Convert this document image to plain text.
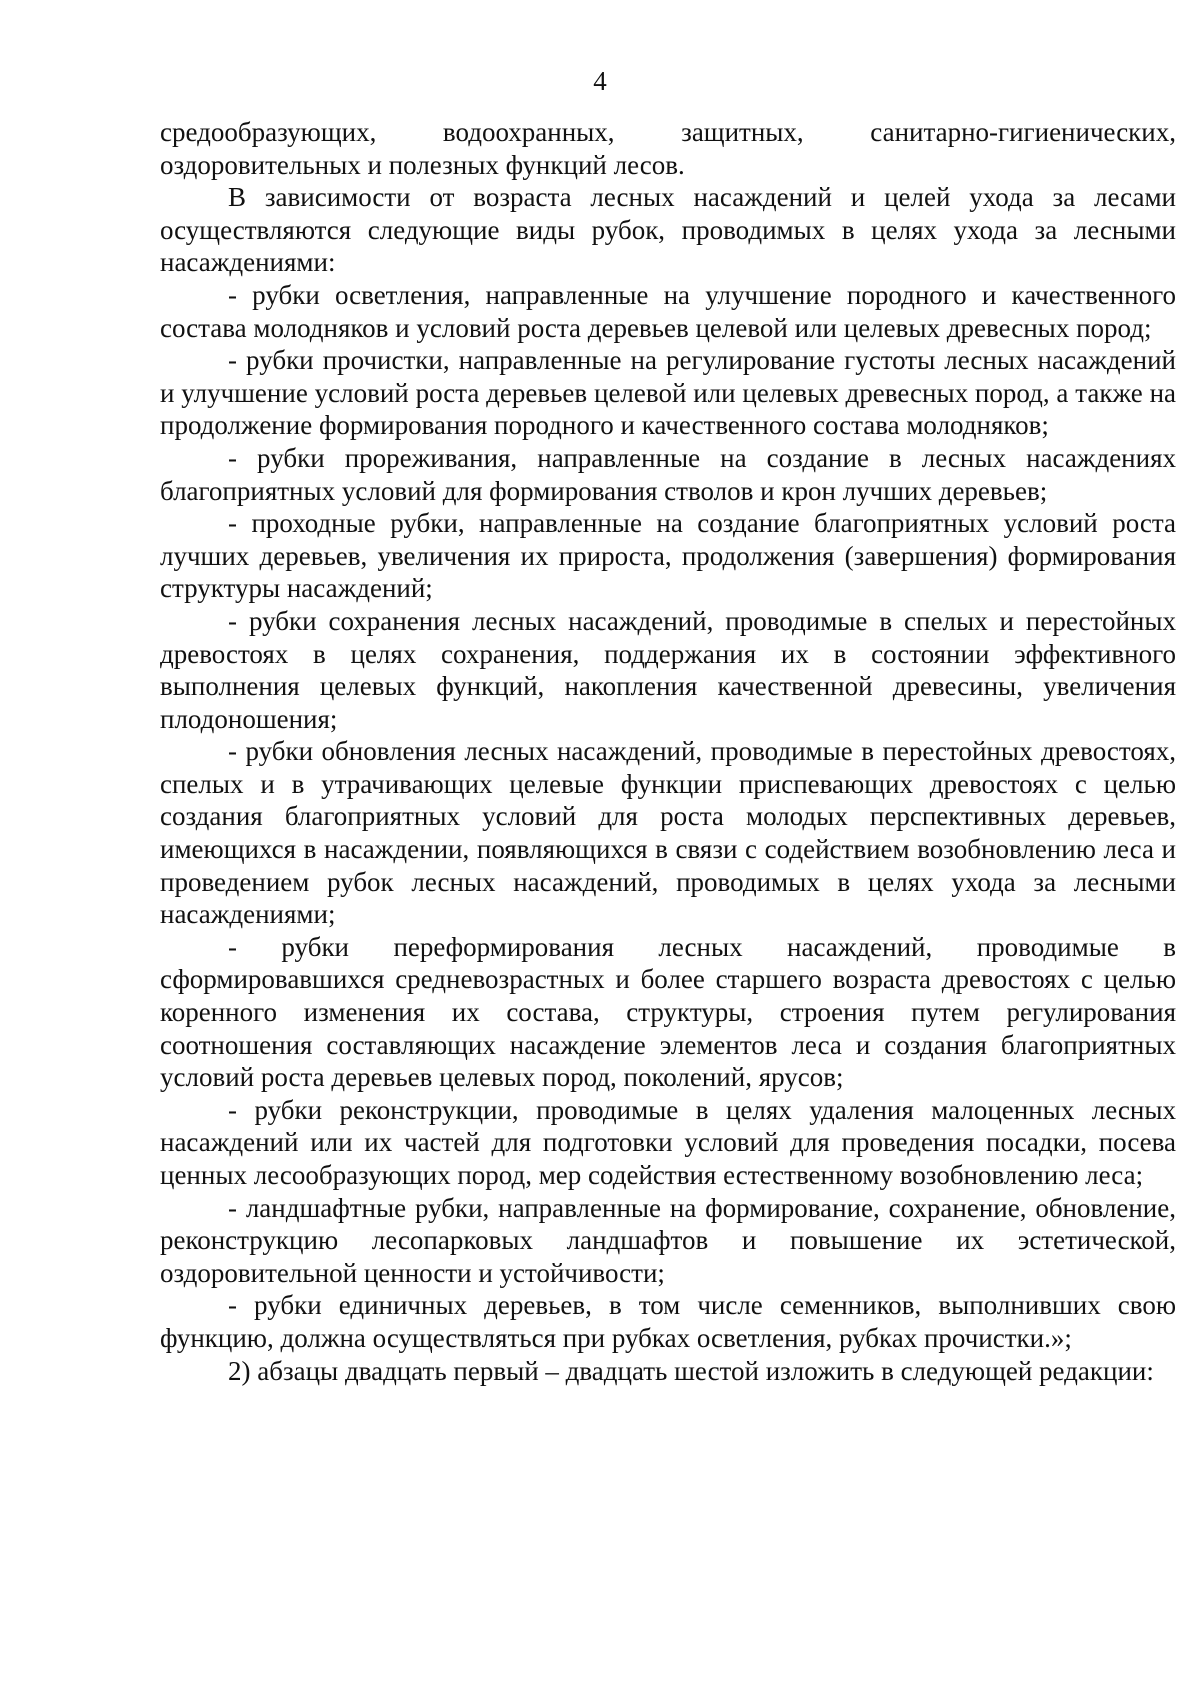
4

средообразующих, водоохранных, защитных, санитарно-гигиенических, оздоровительных и полезных функций лесов.

В зависимости от возраста лесных насаждений и целей ухода за лесами осуществляются следующие виды рубок, проводимых в целях ухода за лесными насаждениями:

- рубки осветления, направленные на улучшение породного и качественного состава молодняков и условий роста деревьев целевой или целевых древесных пород;

- рубки прочистки, направленные на регулирование густоты лесных насаждений и улучшение условий роста деревьев целевой или целевых древесных пород, а также на продолжение формирования породного и качественного состава молодняков;

- рубки прореживания, направленные на создание в лесных насаждениях благоприятных условий для формирования стволов и крон лучших деревьев;

- проходные рубки, направленные на создание благоприятных условий роста лучших деревьев, увеличения их прироста, продолжения (завершения) формирования структуры насаждений;

- рубки сохранения лесных насаждений, проводимые в спелых и перестойных древостоях в целях сохранения, поддержания их в состоянии эффективного выполнения целевых функций, накопления качественной древесины, увеличения плодоношения;

- рубки обновления лесных насаждений, проводимые в перестойных древостоях, спелых и в утрачивающих целевые функции приспевающих древостоях с целью создания благоприятных условий для роста молодых перспективных деревьев, имеющихся в насаждении, появляющихся в связи с содействием возобновлению леса и проведением рубок лесных насаждений, проводимых в целях ухода за лесными насаждениями;

- рубки переформирования лесных насаждений, проводимые в сформировавшихся средневозрастных и более старшего возраста древостоях с целью коренного изменения их состава, структуры, строения путем регулирования соотношения составляющих насаждение элементов леса и создания благоприятных условий роста деревьев целевых пород, поколений, ярусов;

- рубки реконструкции, проводимые в целях удаления малоценных лесных насаждений или их частей для подготовки условий для проведения посадки, посева ценных лесообразующих пород, мер содействия естественному возобновлению леса;

- ландшафтные рубки, направленные на формирование, сохранение, обновление, реконструкцию лесопарковых ландшафтов и повышение их эстетической, оздоровительной ценности и устойчивости;

- рубки единичных деревьев, в том числе семенников, выполнивших свою функцию, должна осуществляться при рубках осветления, рубках прочистки.»;

2) абзацы двадцать первый – двадцать шестой изложить в следующей редакции:
